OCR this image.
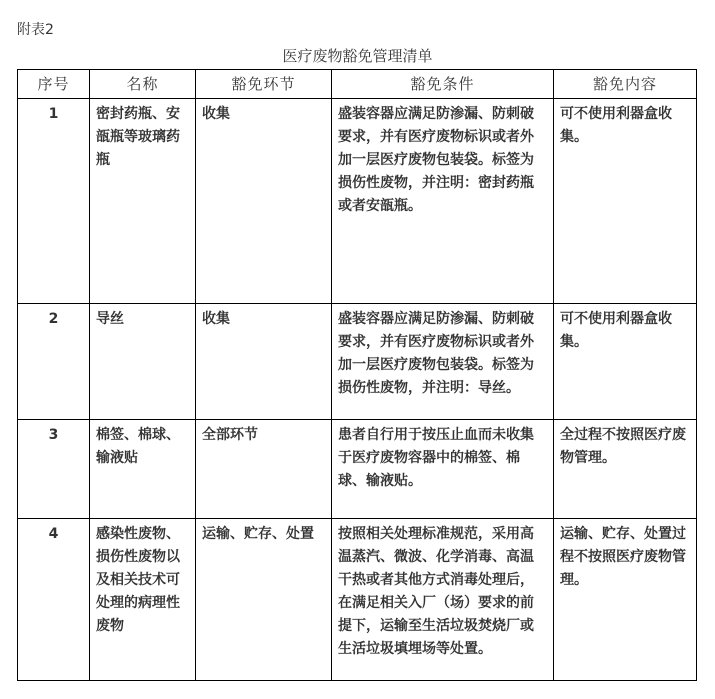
附表2
医疗废物豁免管理清单
序号	名称	豁免环节	豁免条件	豁免内容
1	密封药瓶、安瓿瓶等玻璃药瓶	收集	盛装容器应满足防渗漏、防刺破要求，并有医疗废物标识或者外加一层医疗废物包装袋。标签为损伤性废物，并注明：密封药瓶或者安瓿瓶。	可不使用利器盒收集。
2	导丝	收集	盛装容器应满足防渗漏、防刺破要求，并有医疗废物标识或者外加一层医疗废物包装袋。标签为损伤性废物，并注明：导丝。	可不使用利器盒收集。
3	棉签、棉球、输液贴	全部环节	患者自行用于按压止血而未收集于医疗废物容器中的棉签、棉球、输液贴。	全过程不按照医疗废物管理。
4	感染性废物、损伤性废物以及相关技术可处理的病理性废物	运输、贮存、处置	按照相关处理标准规范，采用高温蒸汽、微波、化学消毒、高温干热或者其他方式消毒处理后，在满足相关入厂（场）要求的前提下，运输至生活垃圾焚烧厂或生活垃圾填埋场等处置。	运输、贮存、处置过程不按照医疗废物管理。
